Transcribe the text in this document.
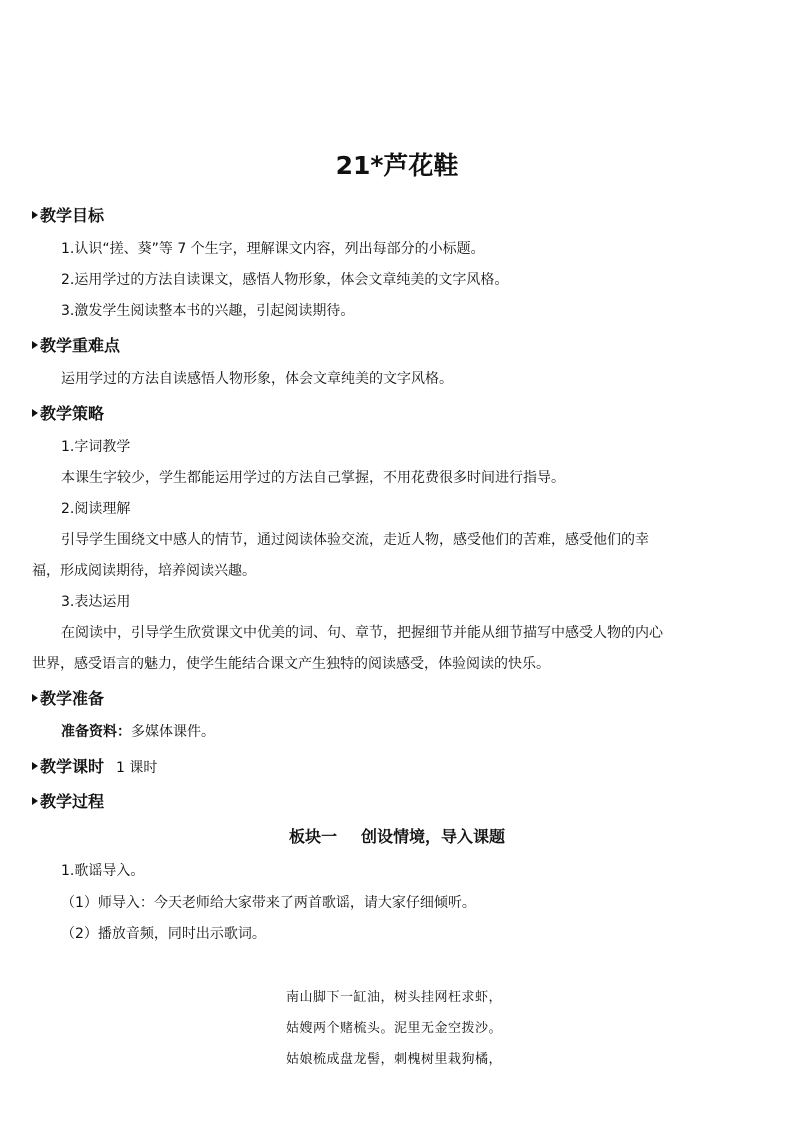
21*芦花鞋
教学目标
1.认识“搓、葵”等 7 个生字，理解课文内容，列出每部分的小标题。
2.运用学过的方法自读课文，感悟人物形象，体会文章纯美的文字风格。
3.激发学生阅读整本书的兴趣，引起阅读期待。
教学重难点
运用学过的方法自读感悟人物形象，体会文章纯美的文字风格。
教学策略
1.字词教学
本课生字较少，学生都能运用学过的方法自己掌握，不用花费很多时间进行指导。
2.阅读理解
引导学生围绕文中感人的情节，通过阅读体验交流，走近人物，感受他们的苦难，感受他们的幸
福，形成阅读期待，培养阅读兴趣。
3.表达运用
在阅读中，引导学生欣赏课文中优美的词、句、章节，把握细节并能从细节描写中感受人物的内心
世界，感受语言的魅力，使学生能结合课文产生独特的阅读感受，体验阅读的快乐。
教学准备
准备资料：多媒体课件。
教学课时 1 课时
教学过程
板块一 创设情境，导入课题
1.歌谣导入。
（1）师导入：今天老师给大家带来了两首歌谣，请大家仔细倾听。
（2）播放音频，同时出示歌词。
南山脚下一缸油，树头挂网枉求虾，
姑嫂两个赌梳头。泥里无金空拨沙。
姑娘梳成盘龙髻，刺槐树里栽狗橘，
